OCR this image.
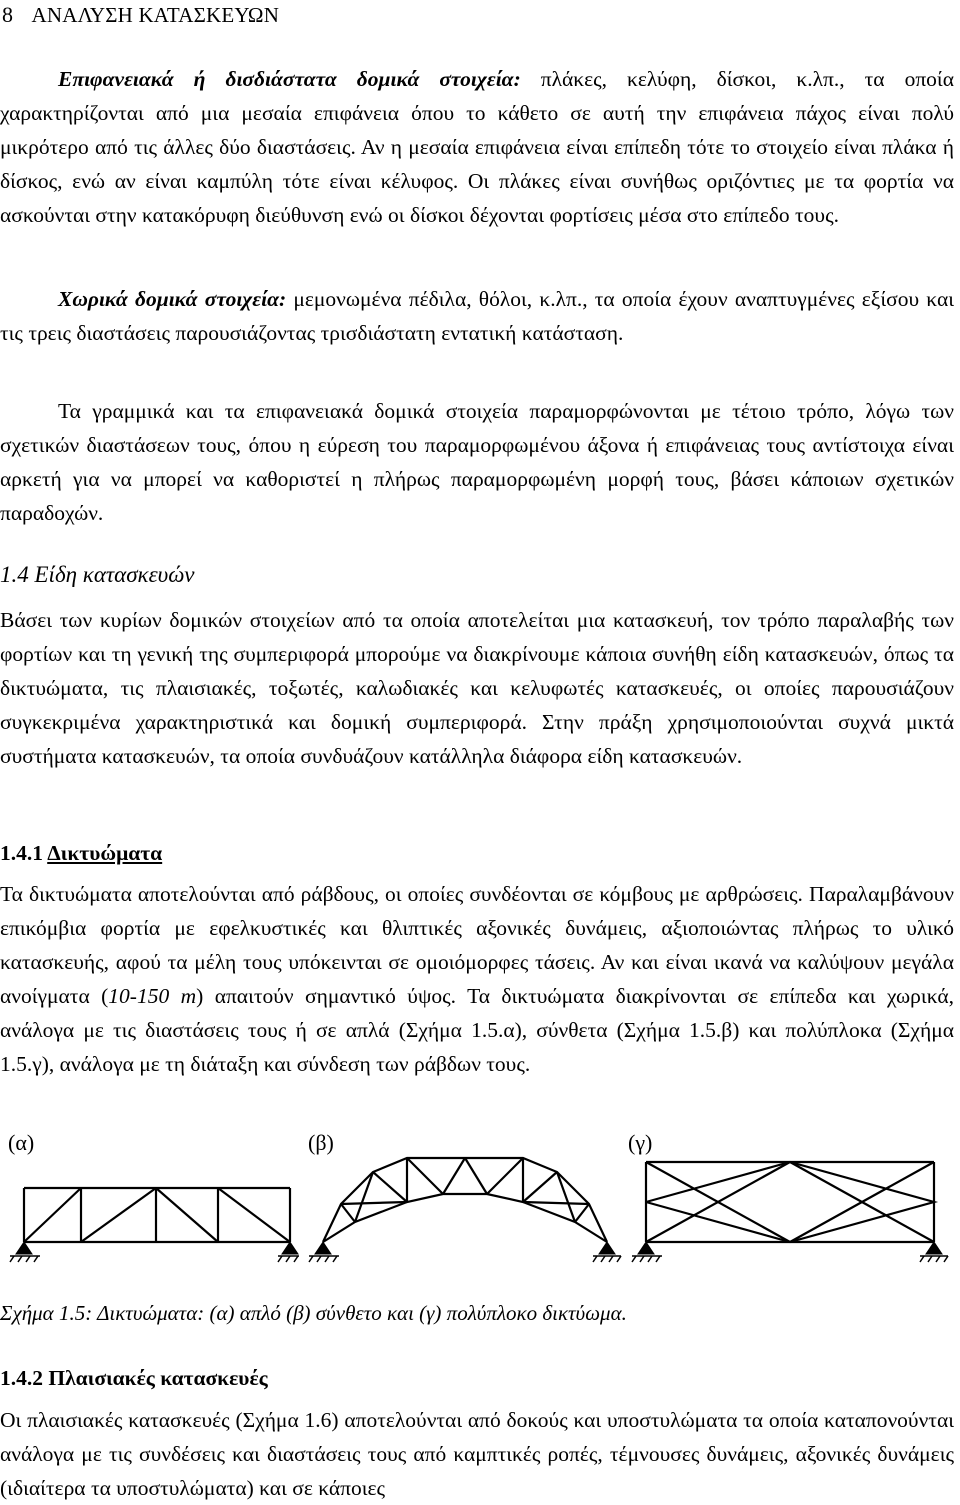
8 ΑΝΑΛΥΣΗ ΚΑΤΑΣΚΕΥΩΝ

Επιφανειακά ή δισδιάστατα δομικά στοιχεία: πλάκες, κελύφη, δίσκοι, κ.λπ., τα οποία χαρακτηρίζονται από μια μεσαία επιφάνεια όπου το κάθετο σε αυτή την επιφάνεια πάχος είναι πολύ μικρότερο από τις άλλες δύο διαστάσεις. Αν η μεσαία επιφάνεια είναι επίπεδη τότε το στοιχείο είναι πλάκα ή δίσκος, ενώ αν είναι καμπύλη τότε είναι κέλυφος. Οι πλάκες είναι συνήθως οριζόντιες με τα φορτία να ασκούνται στην κατακόρυφη διεύθυνση ενώ οι δίσκοι δέχονται φορτίσεις μέσα στο επίπεδο τους.

Χωρικά δομικά στοιχεία: μεμονωμένα πέδιλα, θόλοι, κ.λπ., τα οποία έχουν αναπτυγμένες εξίσου και τις τρεις διαστάσεις παρουσιάζοντας τρισδιάστατη εντατική κατάσταση.

Τα γραμμικά και τα επιφανειακά δομικά στοιχεία παραμορφώνονται με τέτοιο τρόπο, λόγω των σχετικών διαστάσεων τους, όπου η εύρεση του παραμορφωμένου άξονα ή επιφάνειας τους αντίστοιχα είναι αρκετή για να μπορεί να καθοριστεί η πλήρως παραμορφωμένη μορφή τους, βάσει κάποιων σχετικών παραδοχών.

1.4 Είδη κατασκευών

Βάσει των κυρίων δομικών στοιχείων από τα οποία αποτελείται μια κατασκευή, τον τρόπο παραλαβής των φορτίων και τη γενική της συμπεριφορά μπορούμε να διακρίνουμε κάποια συνήθη είδη κατασκευών, όπως τα δικτυώματα, τις πλαισιακές, τοξωτές, καλωδιακές και κελυφωτές κατασκευές, οι οποίες παρουσιάζουν συγκεκριμένα χαρακτηριστικά και δομική συμπεριφορά. Στην πράξη χρησιμοποιούνται συχνά μικτά συστήματα κατασκευών, τα οποία συνδυάζουν κατάλληλα διάφορα είδη κατασκευών.

1.4.1 Δικτυώματα

Τα δικτυώματα αποτελούνται από ράβδους, οι οποίες συνδέονται σε κόμβους με αρθρώσεις. Παραλαμβάνουν επικόμβια φορτία με εφελκυστικές και θλιπτικές αξονικές δυνάμεις, αξιοποιώντας πλήρως το υλικό κατασκευής, αφού τα μέλη τους υπόκεινται σε ομοιόμορφες τάσεις. Αν και είναι ικανά να καλύψουν μεγάλα ανοίγματα (10-150 m) απαιτούν σημαντικό ύψος. Τα δικτυώματα διακρίνονται σε επίπεδα και χωρικά, ανάλογα με τις διαστάσεις τους ή σε απλά (Σχήμα 1.5.α), σύνθετα (Σχήμα 1.5.β) και πολύπλοκα (Σχήμα 1.5.γ), ανάλογα με τη διάταξη και σύνδεση των ράβδων τους.

(α)	(β)	(γ)

Σχήμα 1.5: Δικτυώματα: (α) απλό (β) σύνθετο και (γ) πολύπλοκο δικτύωμα.

1.4.2 Πλαισιακές κατασκευές

Οι πλαισιακές κατασκευές (Σχήμα 1.6) αποτελούνται από δοκούς και υποστυλώματα τα οποία καταπονούνται ανάλογα με τις συνδέσεις και διαστάσεις τους από καμπτικές ροπές, τέμνουσες δυνάμεις, αξονικές δυνάμεις (ιδιαίτερα τα υποστυλώματα) και σε κάποιες
